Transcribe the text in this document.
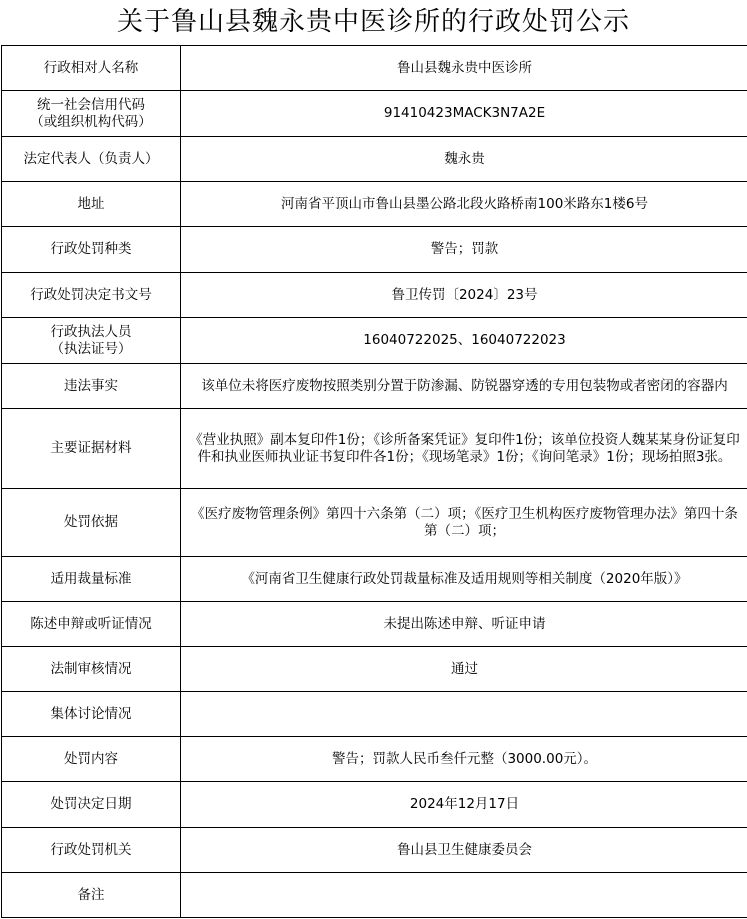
关于鲁山县魏永贵中医诊所的行政处罚公示
行政相对人名称	鲁山县魏永贵中医诊所
统一社会信用代码
（或组织机构代码）	91410423MACK3N7A2E
法定代表人（负责人）	魏永贵
地址	河南省平顶山市鲁山县墨公路北段火路桥南100米路东1楼6号
行政处罚种类	警告；罚款
行政处罚决定书文号	鲁卫传罚〔2024〕23号
行政执法人员
（执法证号）	16040722025、16040722023
违法事实	该单位未将医疗废物按照类别分置于防渗漏、防锐器穿透的专用包装物或者密闭的容器内
主要证据材料	《营业执照》副本复印件1份；《诊所备案凭证》复印件1份；该单位投资人魏某某身份证复印件和执业医师执业证书复印件各1份；《现场笔录》1份；《询问笔录》1份；现场拍照3张。
处罚依据	《医疗废物管理条例》第四十六条第（二）项；《医疗卫生机构医疗废物管理办法》第四十条第（二）项；
适用裁量标准	《河南省卫生健康行政处罚裁量标准及适用规则等相关制度（2020年版）》
陈述申辩或听证情况	未提出陈述申辩、听证申请
法制审核情况	通过
集体讨论情况	
处罚内容	警告；罚款人民币叁仟元整（3000.00元）。
处罚决定日期	2024年12月17日
行政处罚机关	鲁山县卫生健康委员会
备注	
